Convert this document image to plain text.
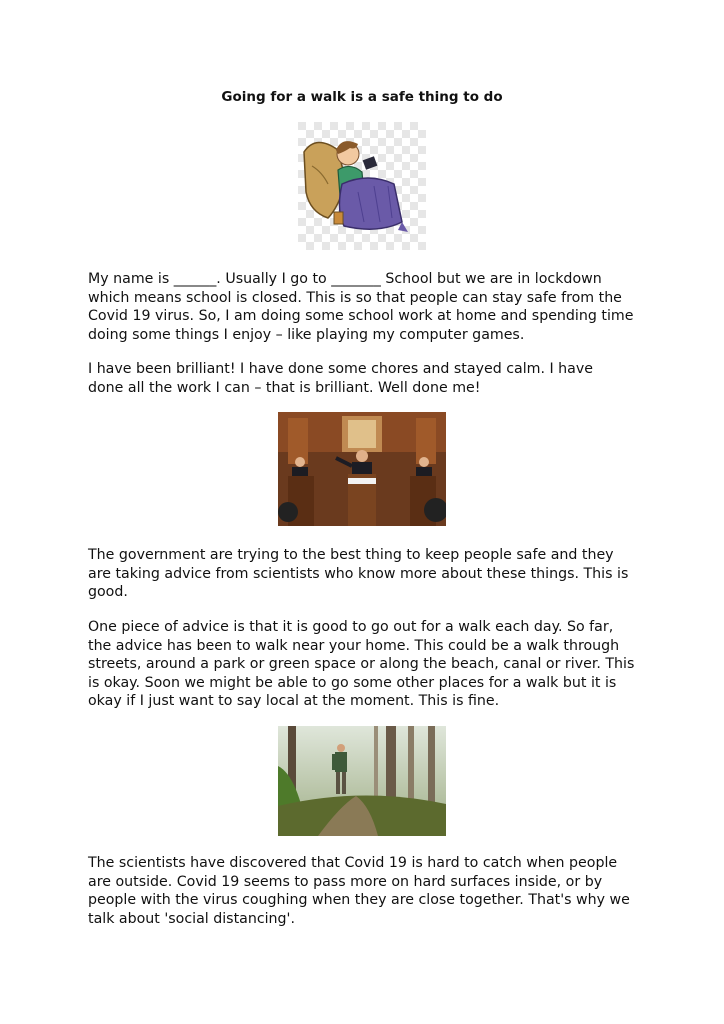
Going for a walk is a safe thing to do
My name is ______. Usually I go to _______ School but we are in lockdown
which means school is closed. This is so that people can stay safe from the
Covid 19 virus. So, I am doing some school work at home and spending time
doing some things I enjoy – like playing my computer games.
I have been brilliant! I have done some chores and stayed calm. I have
done all the work I can – that is brilliant. Well done me!
The government are trying to the best thing to keep people safe and they
are taking advice from scientists who know more about these things. This is
good.
One piece of advice is that it is good to go out for a walk each day. So far,
the advice has been to walk near your home. This could be a walk through
streets, around a park or green space or along the beach, canal or river. This
is okay. Soon we might be able to go some other places for a walk but it is
okay if I just want to say local at the moment. This is fine.
The scientists have discovered that Covid 19 is hard to catch when people
are outside. Covid 19 seems to pass more on hard surfaces inside, or by
people with the virus coughing when they are close together. That's why we
talk about 'social distancing'.
